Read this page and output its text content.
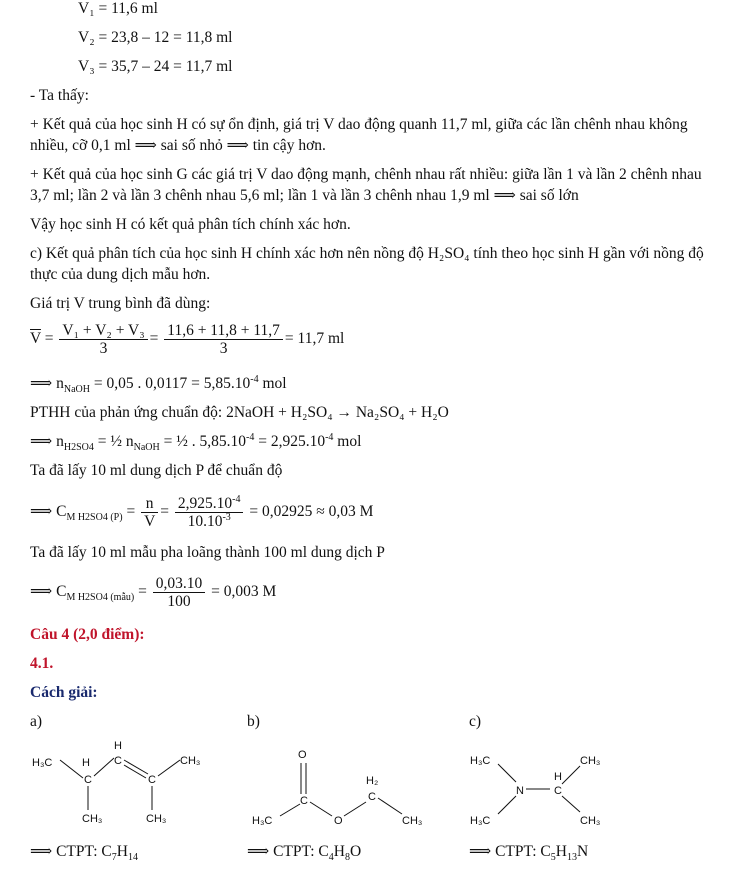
V₁ = 11,6 ml
V₂ = 23,8 – 12 = 11,8 ml
V₃ = 35,7 – 24 = 11,7 ml
- Ta thấy:
+ Kết quả của học sinh H có sự ổn định, giá trị V dao động quanh 11,7 ml, giữa các lần chênh nhau không
nhiều, cỡ 0,1 ml ⟹ sai số nhỏ ⟹ tin cậy hơn.
+ Kết quả của học sinh G các giá trị V dao động mạnh, chênh nhau rất nhiều: giữa lần 1 và lần 2 chênh nhau
3,7 ml; lần 2 và lần 3 chênh nhau 5,6 ml; lần 1 và lần 3 chênh nhau 1,9 ml ⟹ sai số lớn
Vậy học sinh H có kết quả phân tích chính xác hơn.
c) Kết quả phân tích của học sinh H chính xác hơn nên nồng độ H₂SO₄ tính theo học sinh H gần với nồng độ
thực của dung dịch mẫu hơn.
Giá trị V trung bình đã dùng:
$\overline{V} = \frac{\text{V₁ + V₂ + V₃}}{3} = \frac{11,6 + 11,8 + 11,7}{3} = 11,7$ ml
⟹ $n_{NaOH} = 0,05$ . $0,0117 = 5,85.10^{-4}$ mol
PTHH của phản ứng chuẩn độ: 2NaOH + H₂SO₄ → Na₂SO₄ + H₂O
⟹ $n_{H2SO4}$ = ½ $n_{NaOH}$ = ½ . $5,85.10^{-4} = 2,925.10^{-4}$ mol
Ta đã lấy 10 ml dung dịch P để chuẩn độ
⟹ $C_{M H2SO4 (P)} = \frac{n}{V} = \frac{2,925.10^{-4}}{10.10^{-3}} = 0,02925 \approx 0,03$ M
Ta đã lấy 10 ml mẫu pha loãng thành 100 ml dung dịch P
⟹ $C_{M H2SO4 (mẫu)} = \frac{0,03.10}{100} = 0,003$ M
Câu 4 (2,0 điểm):
4.1.
Cách giải:
a)	b)	c)
H₃C	H
C
H
C
C
CH₃
CH₃	CH₃
O
C
H₃C	O
H₂
C
CH₃
H₃C
H₃C
N
H
C
CH₃
CH₃
⟹ CTPT: $C_7H_{14}$	⟹ CTPT: $C_4H_8O$	⟹ CTPT: $C_5H_{13}N$
